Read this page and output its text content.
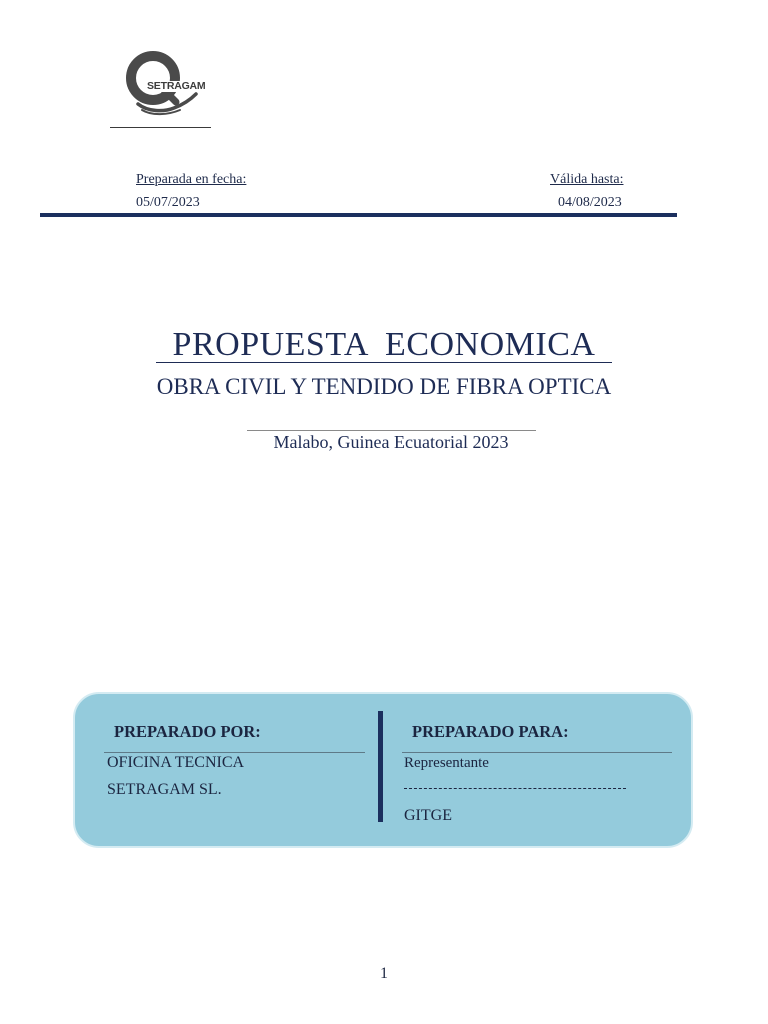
SETRAGAM
Preparada en fecha:
05/07/2023
Válida hasta:
04/08/2023
PROPUESTA  ECONOMICA
OBRA CIVIL Y TENDIDO DE FIBRA OPTICA
Malabo, Guinea Ecuatorial 2023
PREPARADO POR:
OFICINA TECNICA
SETRAGAM SL.
PREPARADO PARA:
Representante
GITGE
1
